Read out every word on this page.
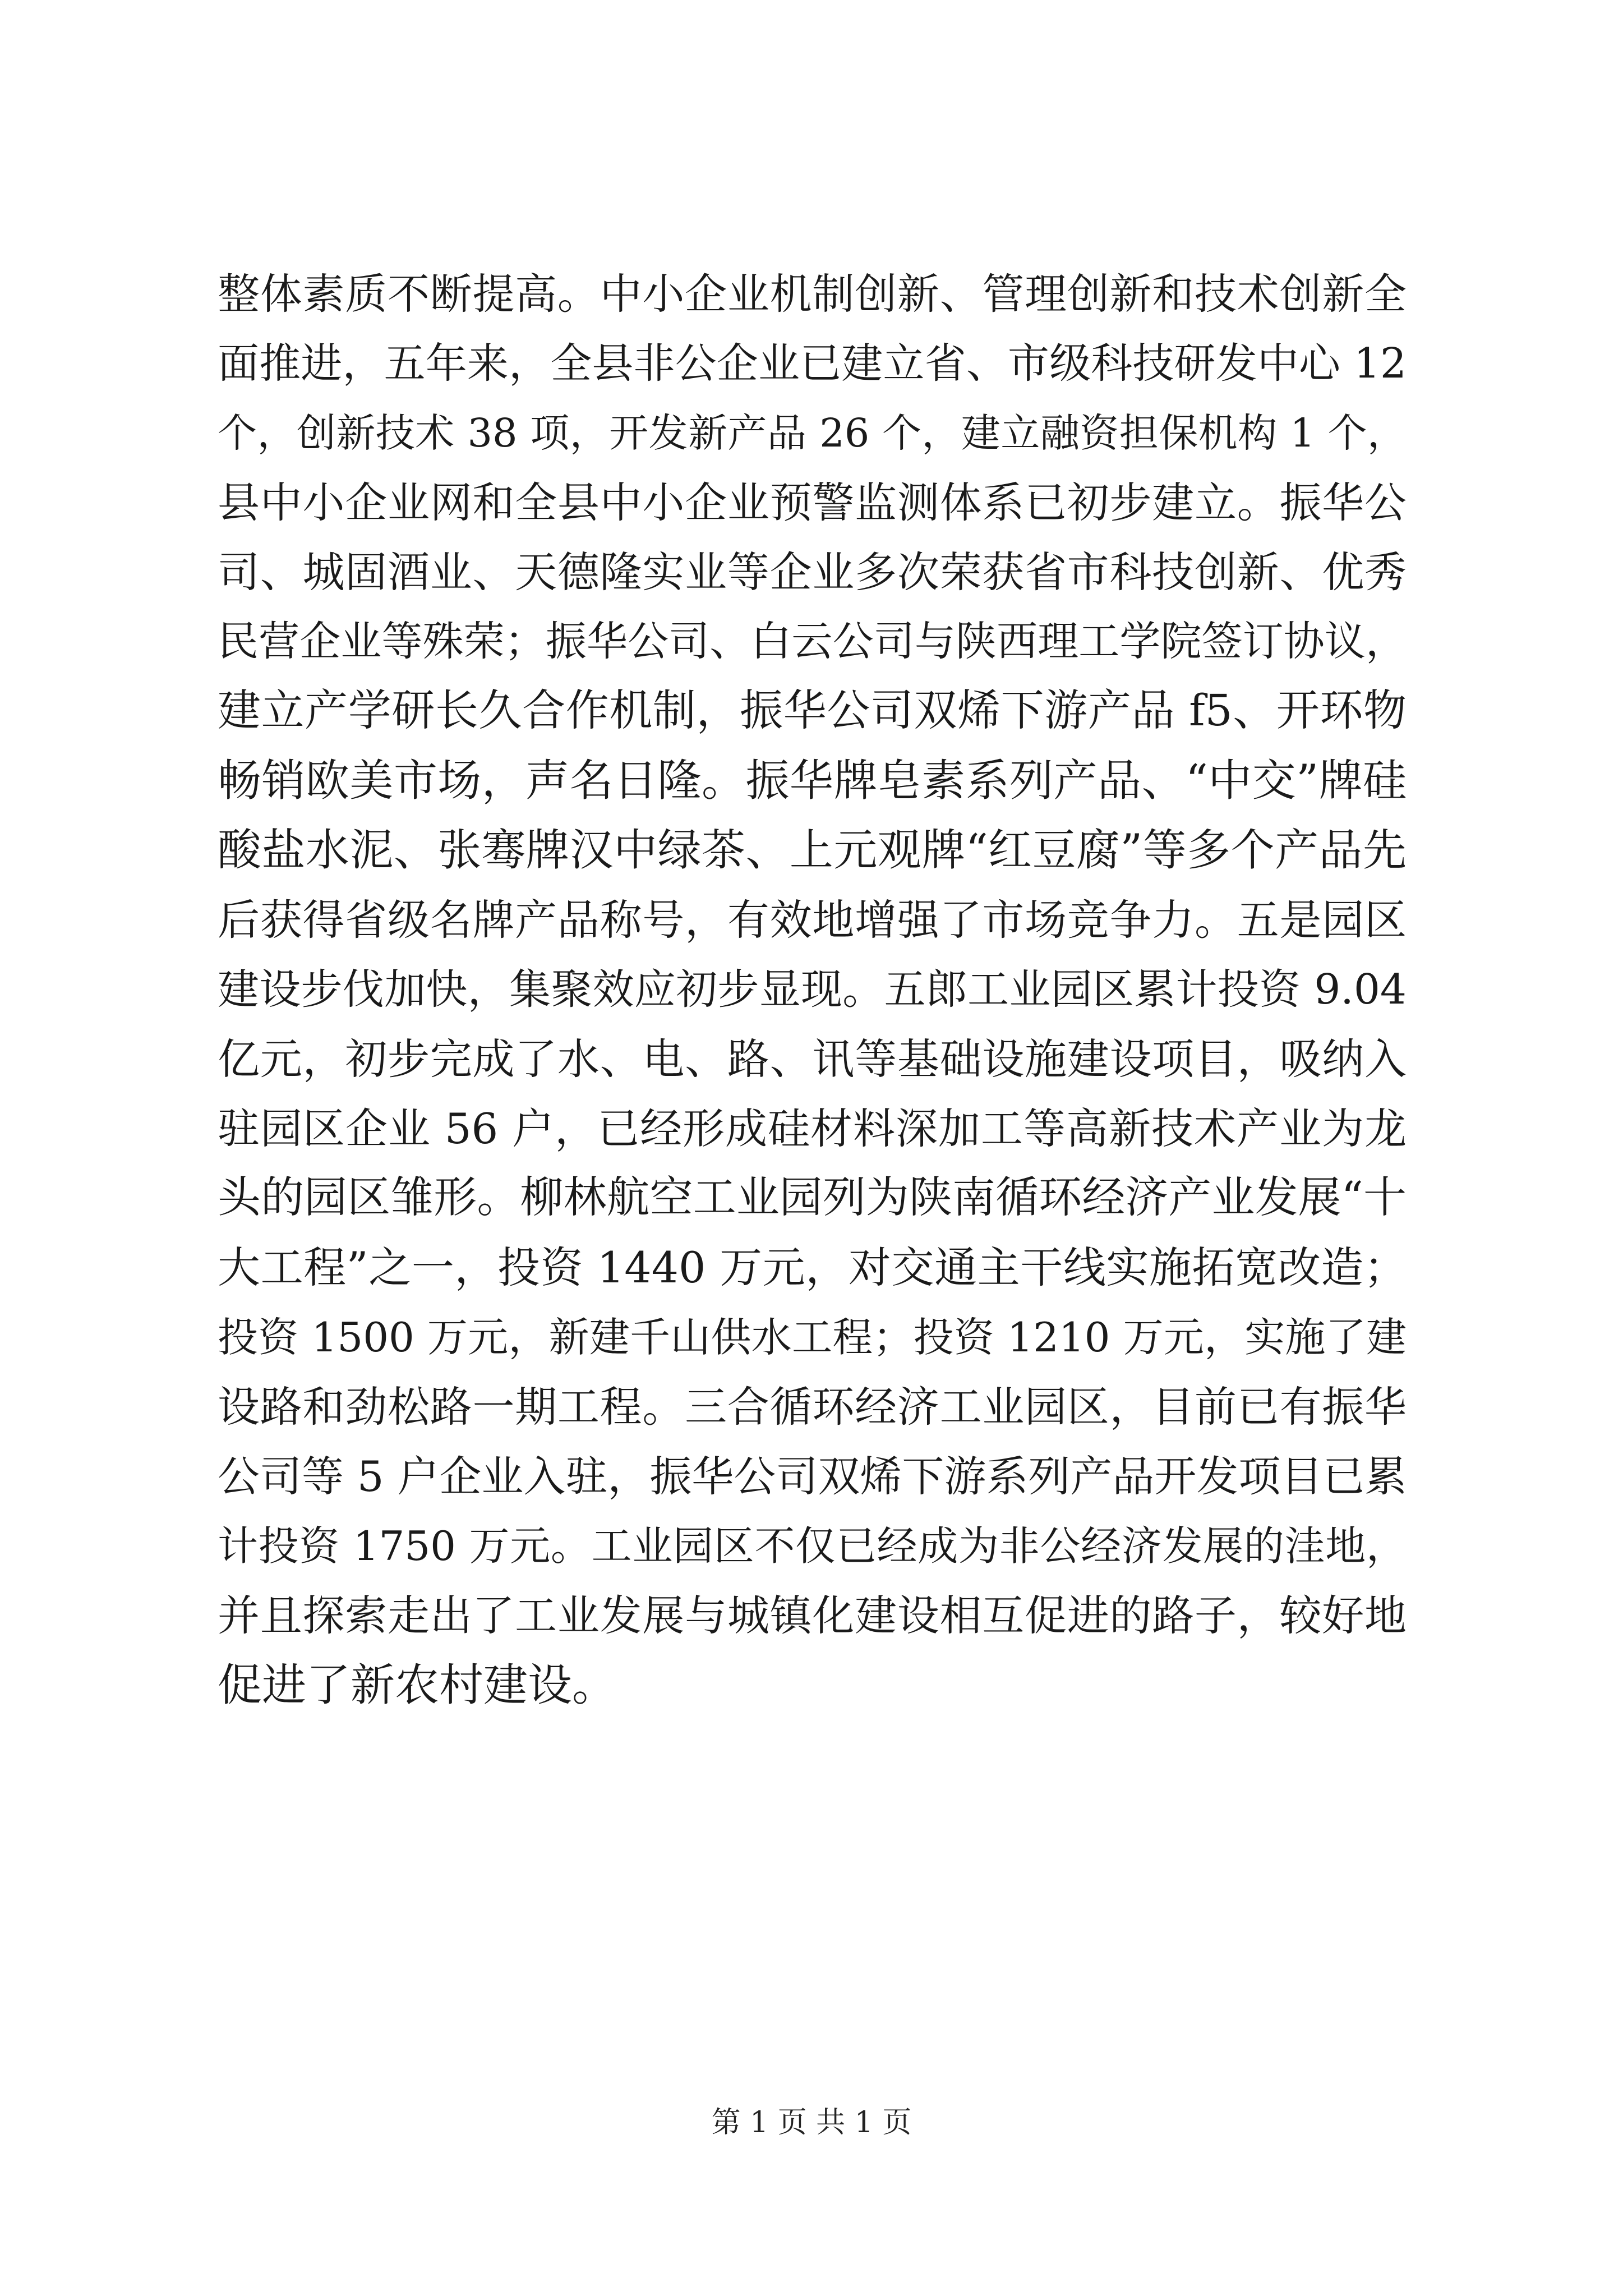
整体素质不断提高。中小企业机制创新、管理创新和技术创新全
面推进，五年来，全县非公企业已建立省、市级科技研发中心 12
个，创新技术 38 项，开发新产品 26 个，建立融资担保机构 1 个，
县中小企业网和全县中小企业预警监测体系已初步建立。振华公
司、城固酒业、天德隆实业等企业多次荣获省市科技创新、优秀
民营企业等殊荣；振华公司、白云公司与陕西理工学院签订协议，
建立产学研长久合作机制，振华公司双烯下游产品 f5、开环物
畅销欧美市场，声名日隆。振华牌皂素系列产品、“中交”牌硅
酸盐水泥、张骞牌汉中绿茶、上元观牌“红豆腐”等多个产品先
后获得省级名牌产品称号，有效地增强了市场竞争力。五是园区
建设步伐加快，集聚效应初步显现。五郎工业园区累计投资 9.04
亿元，初步完成了水、电、路、讯等基础设施建设项目，吸纳入
驻园区企业 56 户，已经形成硅材料深加工等高新技术产业为龙
头的园区雏形。柳林航空工业园列为陕南循环经济产业发展“十
大工程”之一，投资 1440 万元，对交通主干线实施拓宽改造；
投资 1500 万元，新建千山供水工程；投资 1210 万元，实施了建
设路和劲松路一期工程。三合循环经济工业园区，目前已有振华
公司等 5 户企业入驻，振华公司双烯下游系列产品开发项目已累
计投资 1750 万元。工业园区不仅已经成为非公经济发展的洼地，
并且探索走出了工业发展与城镇化建设相互促进的路子，较好地
促进了新农村建设。
第 1 页 共 1 页
